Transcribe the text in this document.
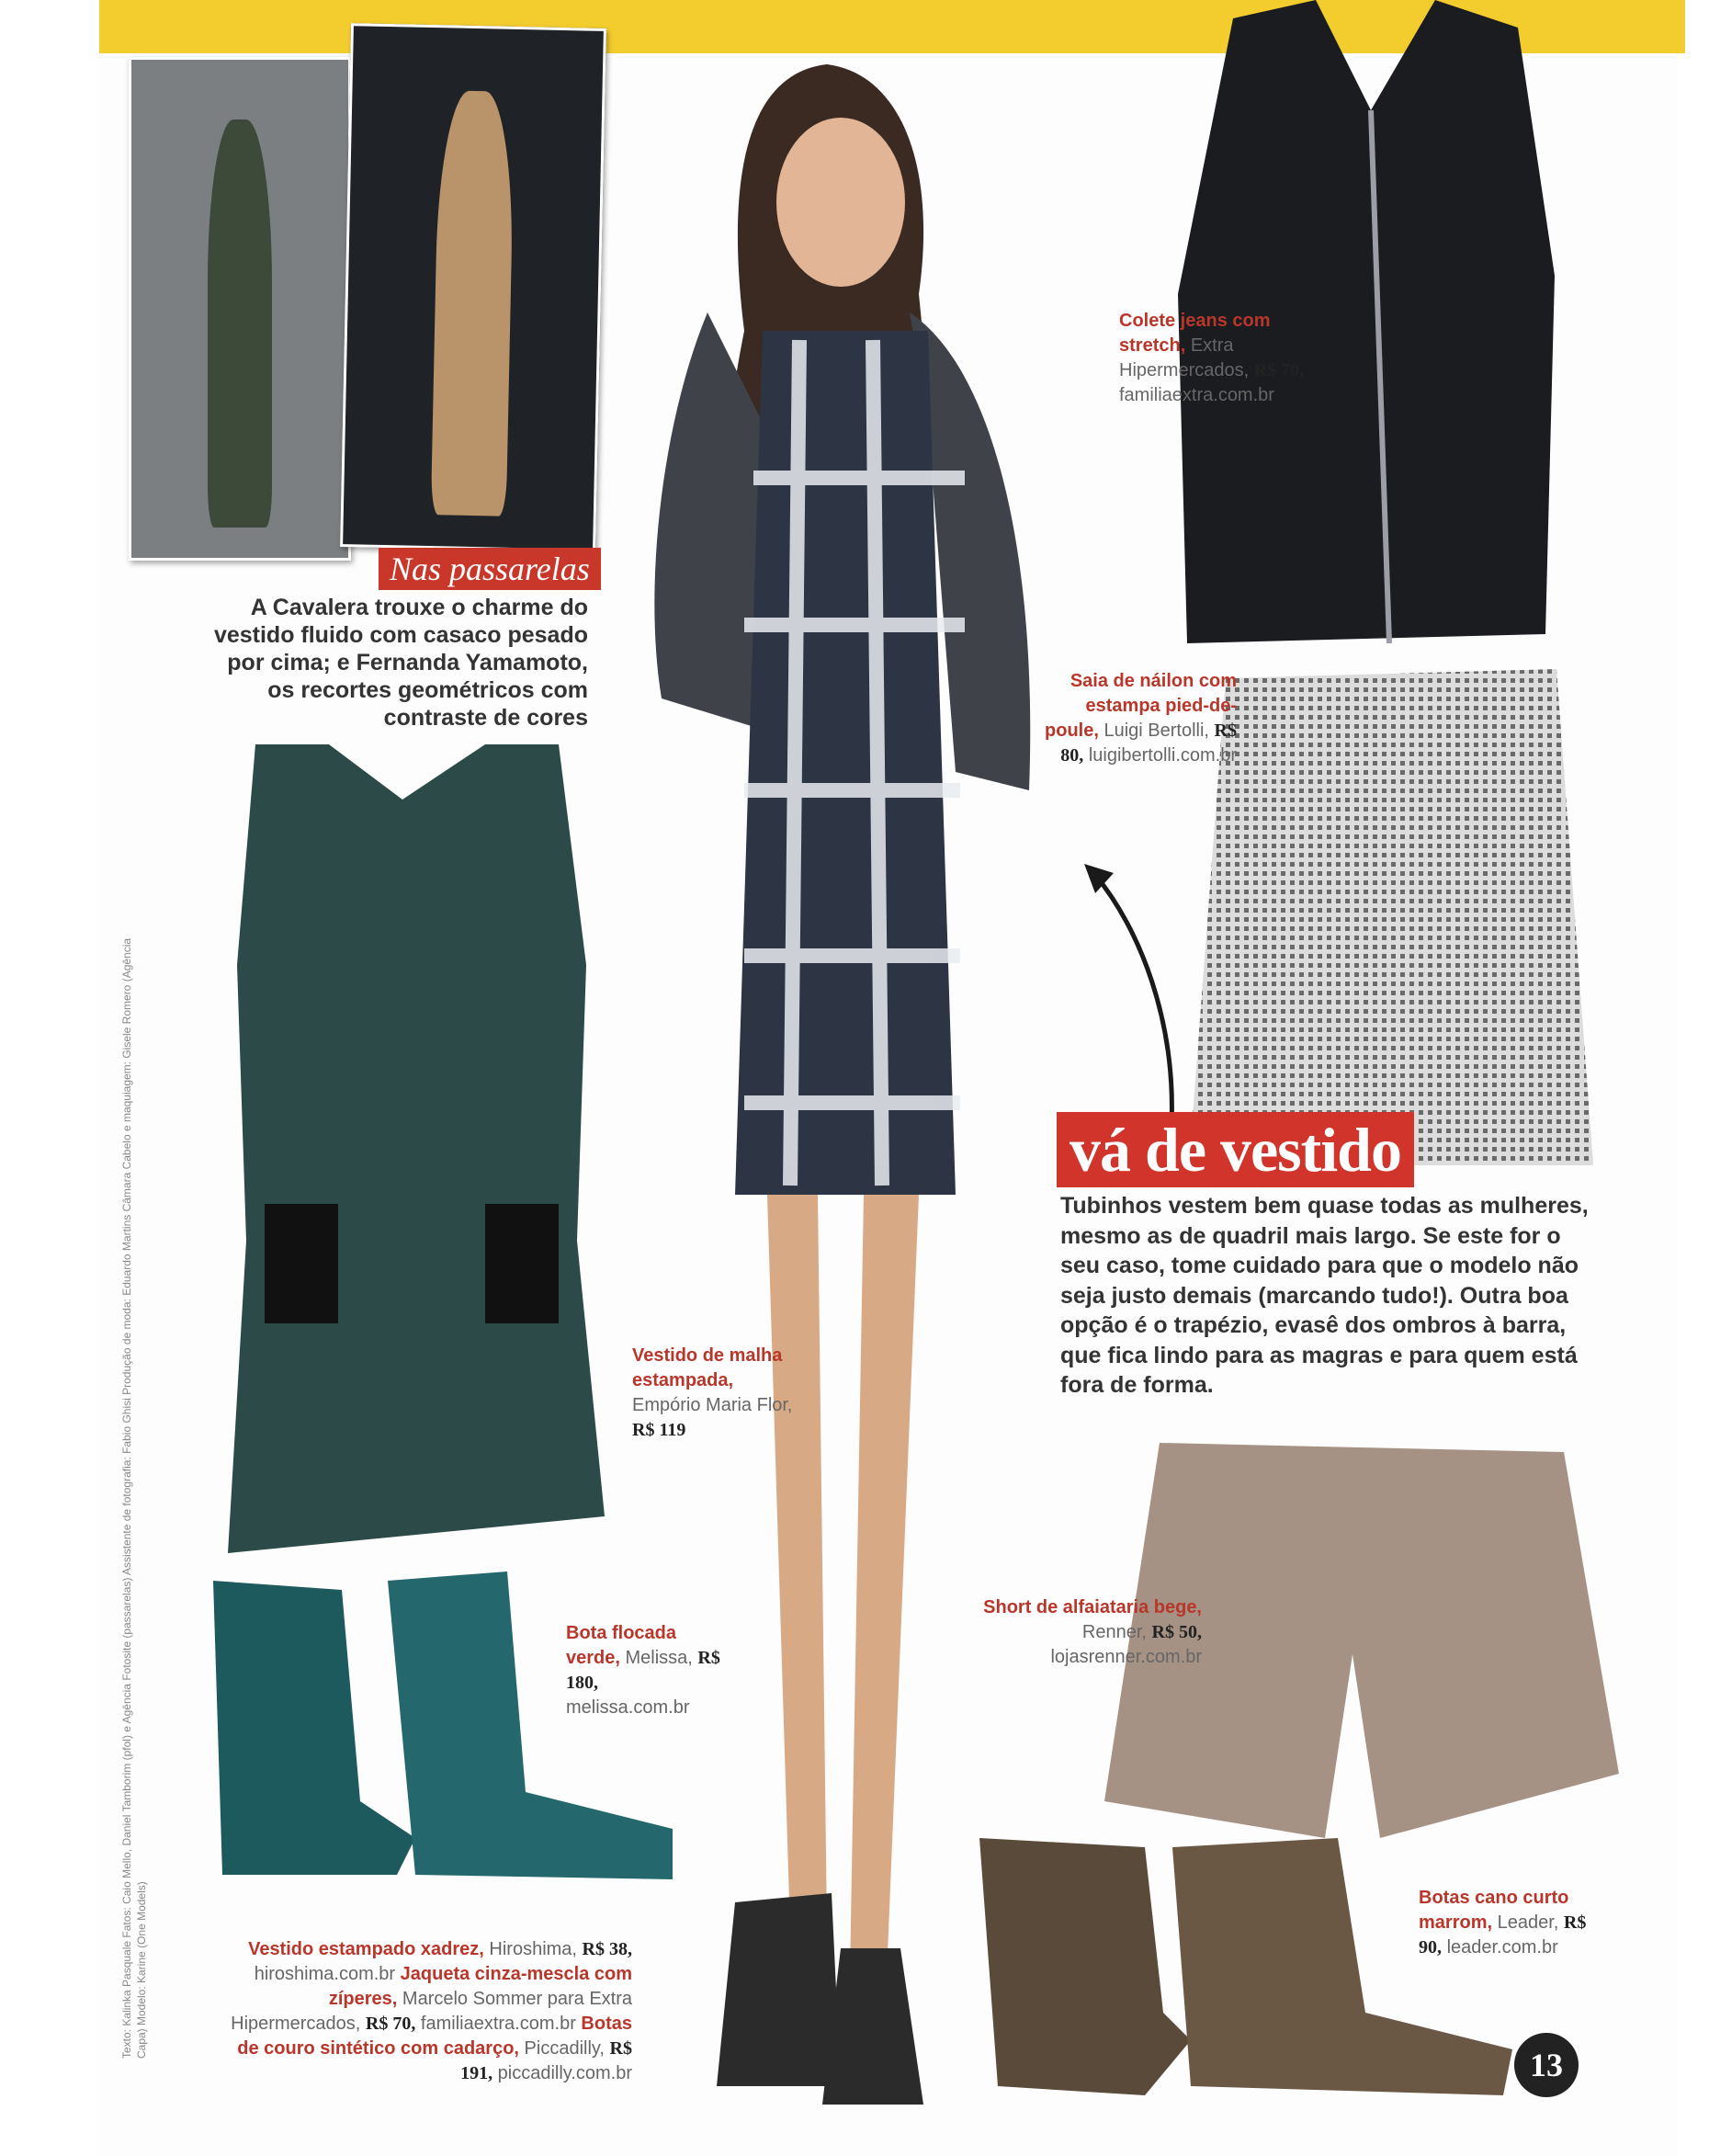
Nas passarelas
A Cavalera trouxe o charme do vestido fluido com casaco pesado por cima; e Fernanda Yamamoto, os recortes geométricos com contraste de cores
Colete jeans com stretch, Extra Hipermercados, R$ 70, familiaextra.com.br
Saia de náilon com estampa pied-de-poule, Luigi Bertolli, R$ 80, luigibertolli.com.br
Vestido de malha estampada, Empório Maria Flor, R$ 119
Bota flocada verde, Melissa, R$ 180, melissa.com.br
Short de alfaiataria bege, Renner, R$ 50, lojasrenner.com.br
Botas cano curto marrom, Leader, R$ 90, leader.com.br
Vestido estampado xadrez, Hiroshima, R$ 38, hiroshima.com.br Jaqueta cinza-mescla com zíperes, Marcelo Sommer para Extra Hipermercados, R$ 70, familiaextra.com.br Botas de couro sintético com cadarço, Piccadilly, R$ 191, piccadilly.com.br
vá de vestido
Tubinhos vestem bem quase todas as mulheres, mesmo as de quadril mais largo. Se este for o seu caso, tome cuidado para que o modelo não seja justo demais (marcando tudo!). Outra boa opção é o trapézio, evasê dos ombros à barra, que fica lindo para as magras e para quem está fora de forma.
Texto: Kalinka Pasquale Fatos: Caio Mello, Daniel Tamborim (pfol) e Agência Fotosite (passarelas) Assistente de fotografia: Fabio Ghisi Produção de moda: Eduardo Martins Câmara Cabelo e maquiagem: Gisele Romero (Agência Capa) Modelo: Karine (One Models)
13
